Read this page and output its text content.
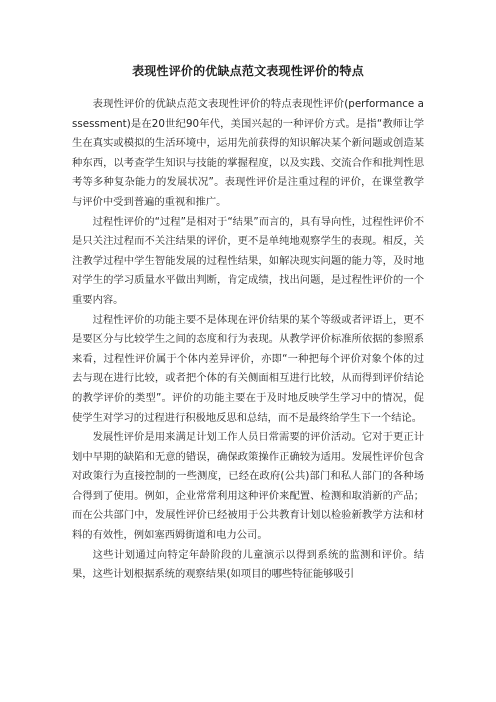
表现性评价的优缺点范文表现性评价的特点

表现性评价的优缺点范文表现性评价的特点表现性评价(performance assessment)是在20世纪90年代，美国兴起的一种评价方式。是指“教师让学生在真实或模拟的生活环境中，运用先前获得的知识解决某个新问题或创造某种东西，以考查学生知识与技能的掌握程度，以及实践、交流合作和批判性思考等多种复杂能力的发展状况”。表现性评价是注重过程的评价，在课堂教学与评价中受到普遍的重视和推广。

过程性评价的“过程”是相对于“结果”而言的，具有导向性，过程性评价不是只关注过程而不关注结果的评价，更不是单纯地观察学生的表现。相反，关注教学过程中学生智能发展的过程性结果，如解决现实问题的能力等，及时地对学生的学习质量水平做出判断，肯定成绩，找出问题，是过程性评价的一个重要内容。

过程性评价的功能主要不是体现在评价结果的某个等级或者评语上，更不是要区分与比较学生之间的态度和行为表现。从教学评价标准所依据的参照系来看，过程性评价属于个体内差异评价，亦即“一种把每个评价对象个体的过去与现在进行比较，或者把个体的有关侧面相互进行比较，从而得到评价结论的教学评价的类型”。评价的功能主要在于及时地反映学生学习中的情况，促使学生对学习的过程进行积极地反思和总结，而不是最终给学生下一个结论。

发展性评价是用来满足计划工作人员日常需要的评价活动。它对于更正计划中早期的缺陷和无意的错误，确保政策操作正确较为适用。发展性评价包含对政策行为直接控制的一些测度，已经在政府(公共)部门和私人部门的各种场合得到了使用。例如，企业常常利用这种评价来配置、检测和取消新的产品；而在公共部门中，发展性评价已经被用于公共教育计划以检验新教学方法和材料的有效性，例如塞西姆街道和电力公司。

这些计划通过向特定年龄阶段的儿童演示以得到系统的监测和评价。结果，这些计划根据系统的观察结果(如项目的哪些特征能够吸引
